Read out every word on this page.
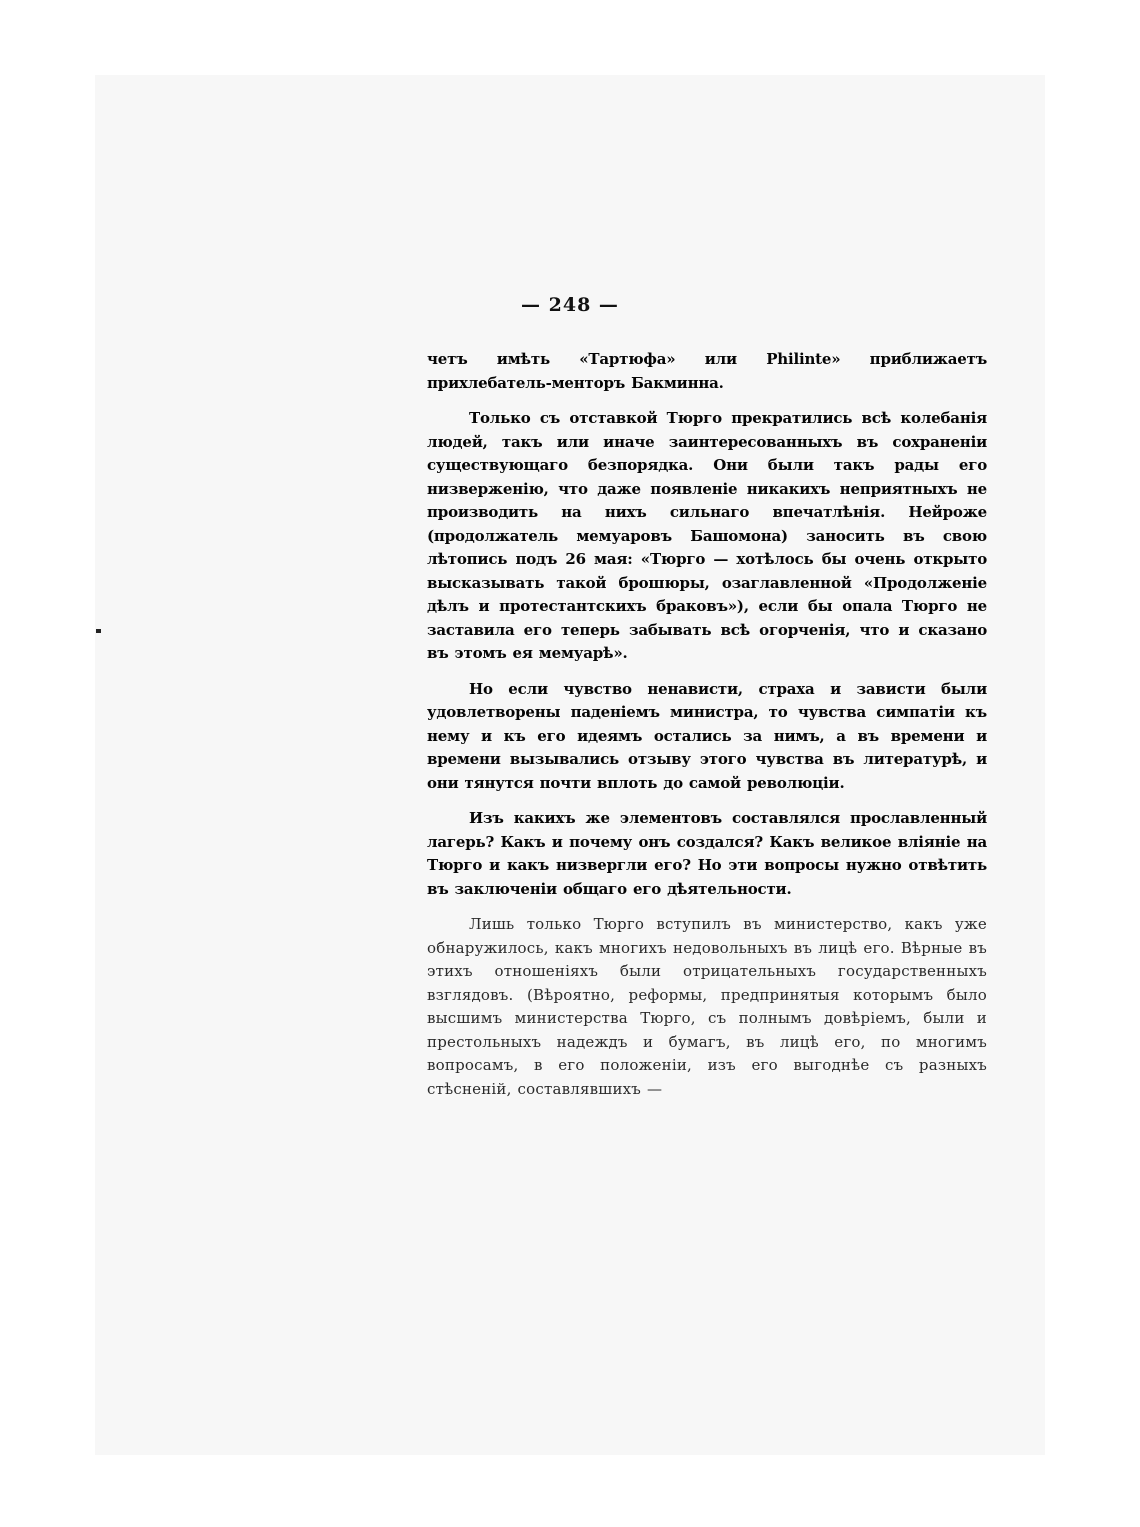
— 248 —

четъ имѣть «Тартюфа» или Philinte» приближаетъ прихлебатель-менторъ Бакминна.

Только съ отставкой Тюрго прекратились всѣ колебанія людей, такъ или иначе заинтересованныхъ въ сохраненіи существующаго безпорядка. Они были такъ рады его низверженію, что даже появленіе никакихъ неприятныхъ не производить на нихъ сильнаго впечатлѣнія. Нейроже (продолжатель мемуаровъ Башомона) заносить въ свою лѣтопись подъ 26 мая: «Тюрго — хотѣлось бы очень открыто высказывать такой брошюры, озаглавленной «Продолженіе дѣлъ и протестантскихъ браковъ»), если бы опала Тюрго не заставила его теперь забывать всѣ огорченія, что и сказано въ этомъ ея мемуарѣ».

Но если чувство ненависти, страха и зависти были удовлетворены паденіемъ министра, то чувства симпатіи къ нему и къ его идеямъ остались за нимъ, а въ времени и времени вызывались отзыву этого чувства въ литературѣ, и они тянутся почти вплоть до самой революціи.

Изъ какихъ же элементовъ составлялся прославленный лагерь? Какъ и почему онъ создался? Какъ великое вліяніе на Тюрго и какъ низвергли его? Но эти вопросы нужно отвѣтить въ заключеніи общаго его дѣятельности.

Лишь только Тюрго вступилъ въ министерство, какъ уже обнаружилось, какъ многихъ недовольныхъ въ лицѣ его. Вѣрные въ этихъ отношеніяхъ были отрицательныхъ государственныхъ взглядовъ. (Вѣроятно, реформы, предпринятыя которымъ было высшимъ министерства Тюрго, съ полнымъ довѣріемъ, были и престольныхъ надеждъ и бумагъ, въ лицѣ его, по многимъ вопросамъ, в его положеніи, изъ его выгоднѣе съ разныхъ стѣсненій, составлявшихъ —
